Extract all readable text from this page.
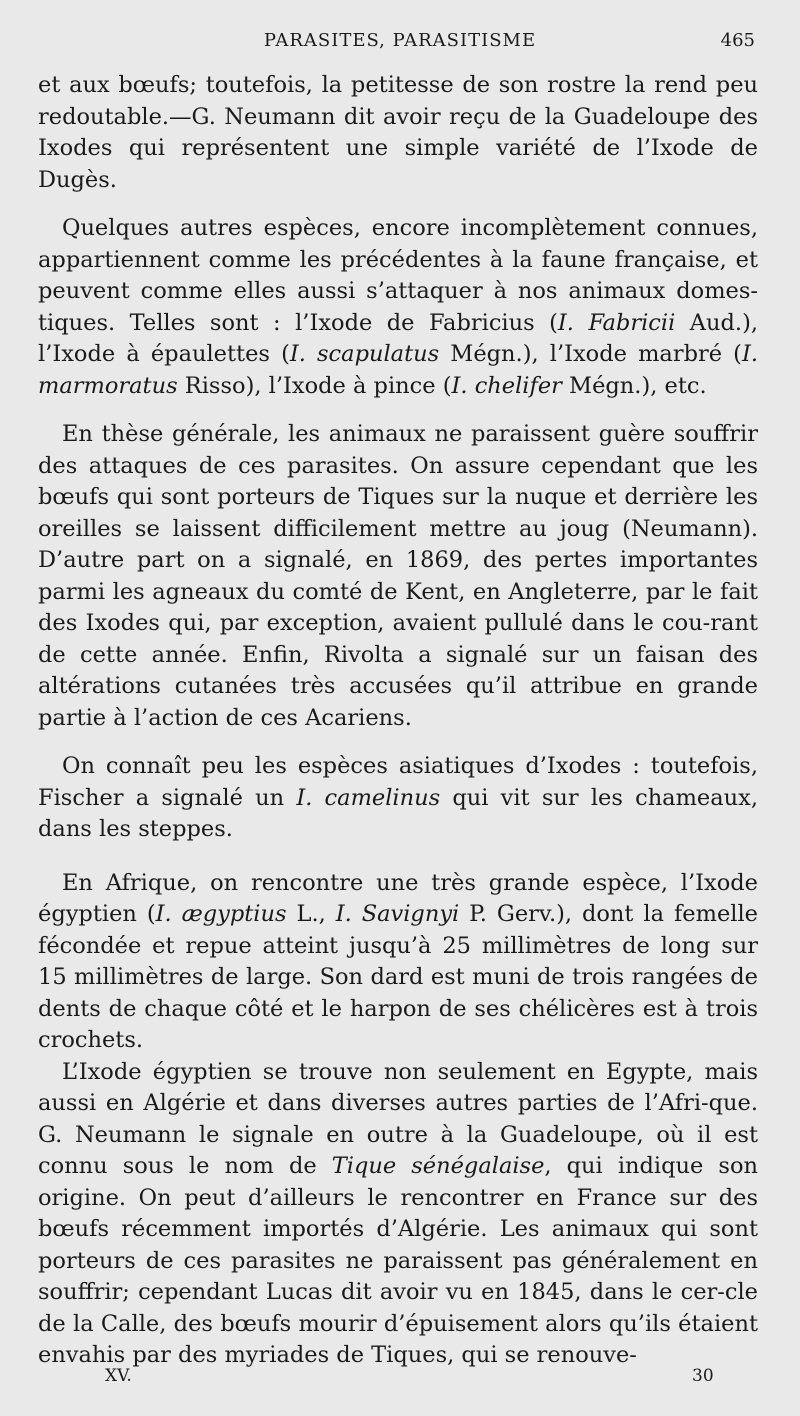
PARASITES, PARASITISME	465

et aux bœufs; toutefois, la petitesse de son rostre la rend peu redoutable.—G. Neumann dit avoir reçu de la Guadeloupe des Ixodes qui représentent une simple variété de l’Ixode de Dugès.

Quelques autres espèces, encore incomplètement connues, appartiennent comme les précédentes à la faune française, et peuvent comme elles aussi s’attaquer à nos animaux domes-tiques. Telles sont : l’Ixode de Fabricius (I. Fabricii Aud.), l’Ixode à épaulettes (I. scapulatus Mégn.), l’Ixode marbré (I. marmoratus Risso), l’Ixode à pince (I. chelifer Mégn.), etc.

En thèse générale, les animaux ne paraissent guère souffrir des attaques de ces parasites. On assure cependant que les bœufs qui sont porteurs de Tiques sur la nuque et derrière les oreilles se laissent difficilement mettre au joug (Neumann). D’autre part on a signalé, en 1869, des pertes importantes parmi les agneaux du comté de Kent, en Angleterre, par le fait des Ixodes qui, par exception, avaient pullulé dans le cou-rant de cette année. Enfin, Rivolta a signalé sur un faisan des altérations cutanées très accusées qu’il attribue en grande partie à l’action de ces Acariens.

On connaît peu les espèces asiatiques d’Ixodes : toutefois, Fischer a signalé un I. camelinus qui vit sur les chameaux, dans les steppes.

En Afrique, on rencontre une très grande espèce, l’Ixode égyptien (I. ægyptius L., I. Savignyi P. Gerv.), dont la femelle fécondée et repue atteint jusqu’à 25 millimètres de long sur 15 millimètres de large. Son dard est muni de trois rangées de dents de chaque côté et le harpon de ses chélicères est à trois crochets.

L’Ixode égyptien se trouve non seulement en Egypte, mais aussi en Algérie et dans diverses autres parties de l’Afri-que. G. Neumann le signale en outre à la Guadeloupe, où il est connu sous le nom de Tique sénégalaise, qui indique son origine. On peut d’ailleurs le rencontrer en France sur des bœufs récemment importés d’Algérie. Les animaux qui sont porteurs de ces parasites ne paraissent pas généralement en souffrir; cependant Lucas dit avoir vu en 1845, dans le cer-cle de la Calle, des bœufs mourir d’épuisement alors qu’ils étaient envahis par des myriades de Tiques, qui se renouve-

XV.	30
